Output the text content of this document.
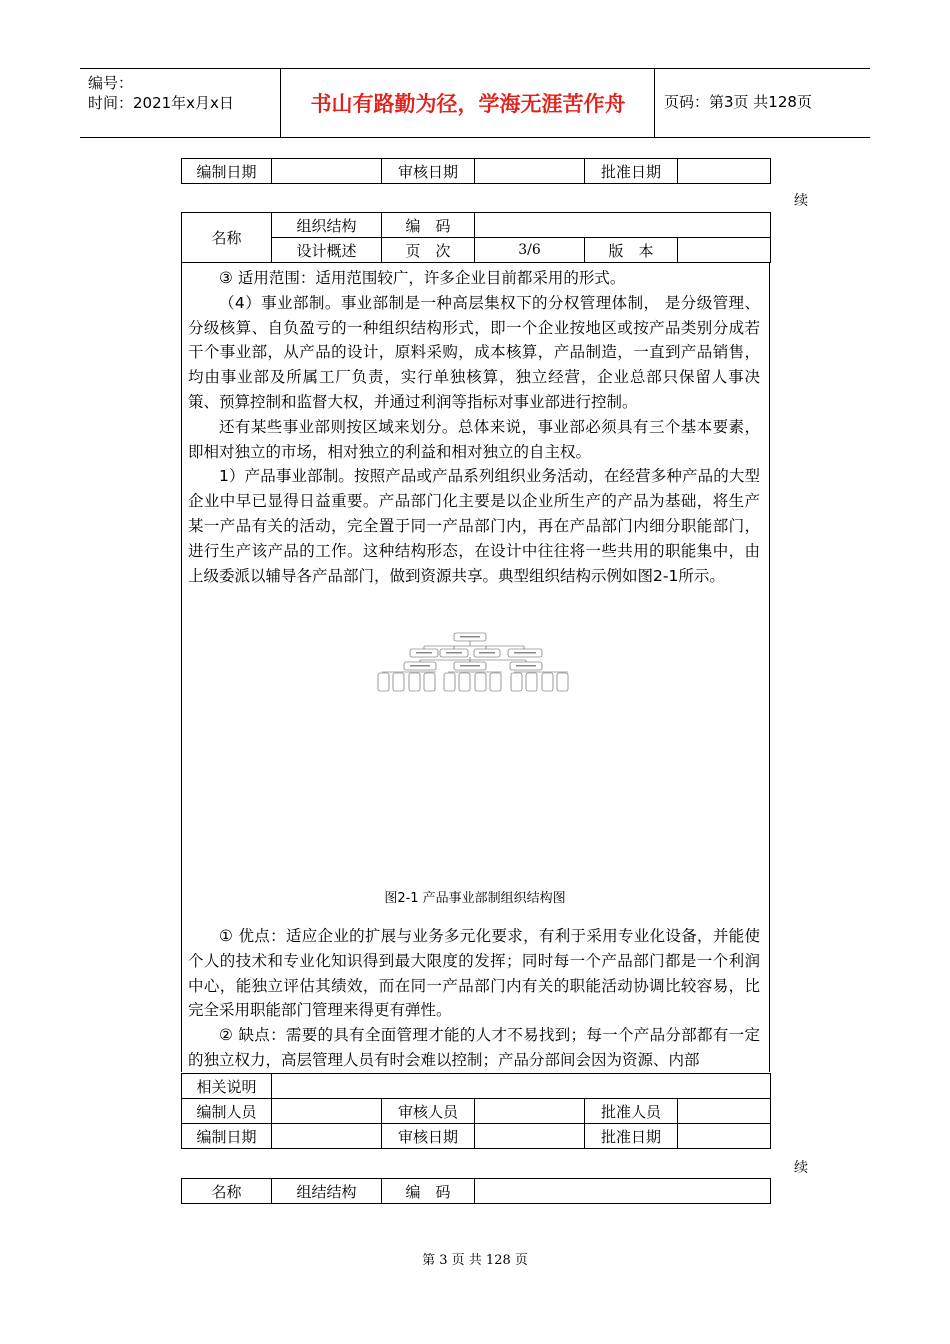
编号：
时间：2021年x月x日	书山有路勤为径，学海无涯苦作舟	页码：第3页 共128页
编制日期		审核日期		批准日期	
续
名称	组织结构	编　码			
	设计概述	页　次	3/6	版　本	

③ 适用范围：适用范围较广，许多企业目前都采用的形式。

（4）事业部制。事业部制是一种高层集权下的分权管理体制， 是分级管理、分级核算、自负盈亏的一种组织结构形式，即一个企业按地区或按产品类别分成若干个事业部，从产品的设计，原料采购，成本核算，产品制造，一直到产品销售，均由事业部及所属工厂负责，实行单独核算，独立经营，企业总部只保留人事决策、预算控制和监督大权，并通过利润等指标对事业部进行控制。

还有某些事业部则按区域来划分。总体来说，事业部必须具有三个基本要素，即相对独立的市场，相对独立的利益和相对独立的自主权。

1）产品事业部制。按照产品或产品系列组织业务活动，在经营多种产品的大型企业中早已显得日益重要。产品部门化主要是以企业所生产的产品为基础，将生产某一产品有关的活动，完全置于同一产品部门内，再在产品部门内细分职能部门，进行生产该产品的工作。这种结构形态，在设计中往往将一些共用的职能集中，由上级委派以辅导各产品部门，做到资源共享。典型组织结构示例如图2-1所示。

图2-1 产品事业部制组织结构图

① 优点：适应企业的扩展与业务多元化要求，有利于采用专业化设备，并能使个人的技术和专业化知识得到最大限度的发挥；同时每一个产品部门都是一个利润中心，能独立评估其绩效，而在同一产品部门内有关的职能活动协调比较容易，比完全采用职能部门管理来得更有弹性。

② 缺点：需要的具有全面管理才能的人才不易找到；每一个产品分部都有一定的独立权力，高层管理人员有时会难以控制；产品分部间会因为资源、内部

相关说明					
编制人员		审核人员		批准人员	
编制日期		审核日期		批准日期	
续
名称	组结结构	编　码	
第 3 页 共 128 页
